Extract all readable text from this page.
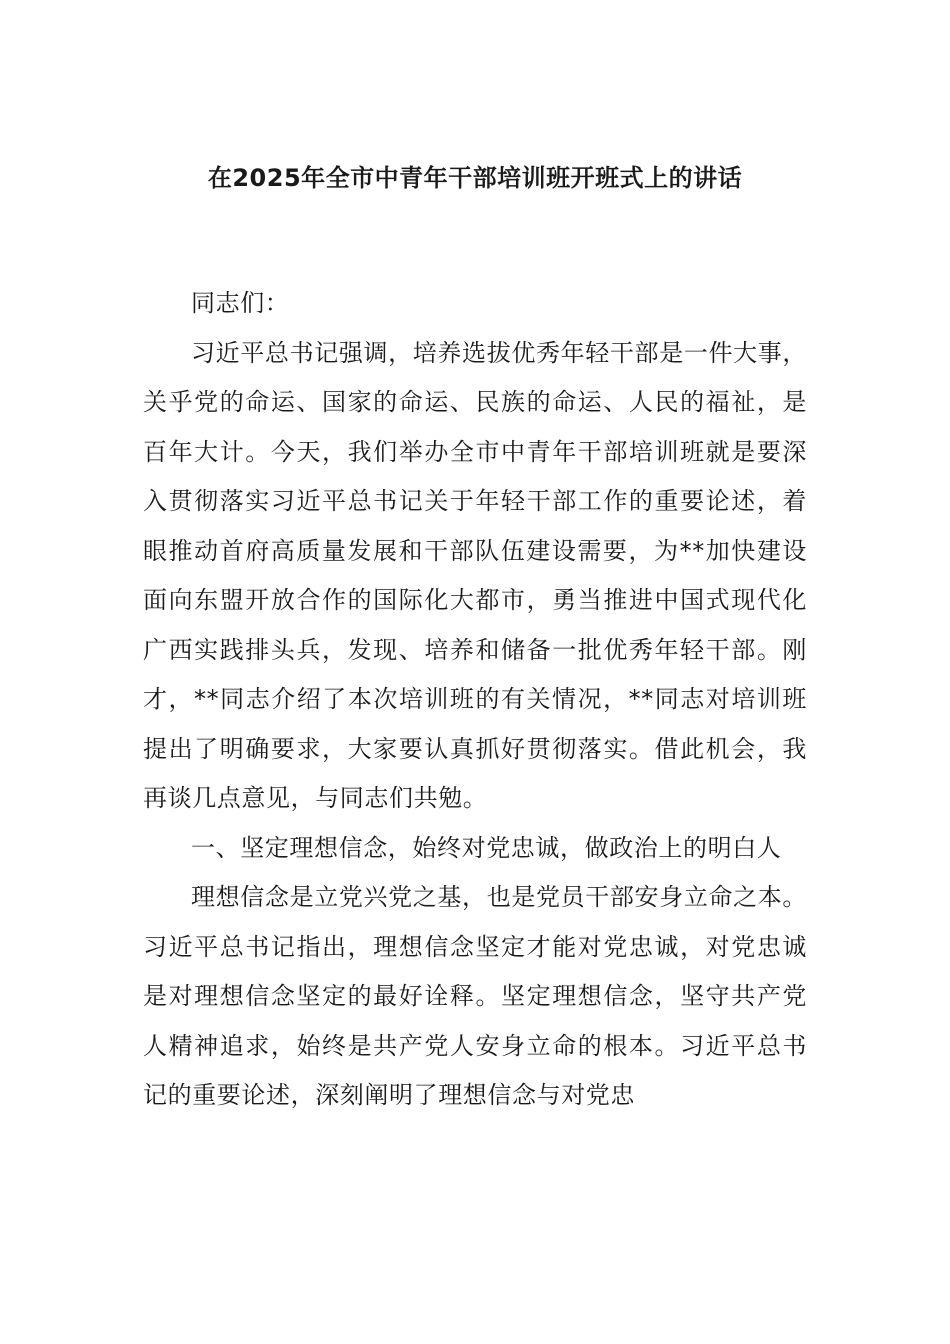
在2025年全市中青年干部培训班开班式上的讲话

同志们：

习近平总书记强调，培养选拔优秀年轻干部是一件大事，关乎党的命运、国家的命运、民族的命运、人民的福祉，是百年大计。今天，我们举办全市中青年干部培训班就是要深入贯彻落实习近平总书记关于年轻干部工作的重要论述，着眼推动首府高质量发展和干部队伍建设需要，为**加快建设面向东盟开放合作的国际化大都市，勇当推进中国式现代化广西实践排头兵，发现、培养和储备一批优秀年轻干部。刚才，**同志介绍了本次培训班的有关情况，**同志对培训班提出了明确要求，大家要认真抓好贯彻落实。借此机会，我再谈几点意见，与同志们共勉。

一、坚定理想信念，始终对党忠诚，做政治上的明白人

理想信念是立党兴党之基，也是党员干部安身立命之本。习近平总书记指出，理想信念坚定才能对党忠诚，对党忠诚是对理想信念坚定的最好诠释。坚定理想信念，坚守共产党人精神追求，始终是共产党人安身立命的根本。习近平总书记的重要论述，深刻阐明了理想信念与对党忠
